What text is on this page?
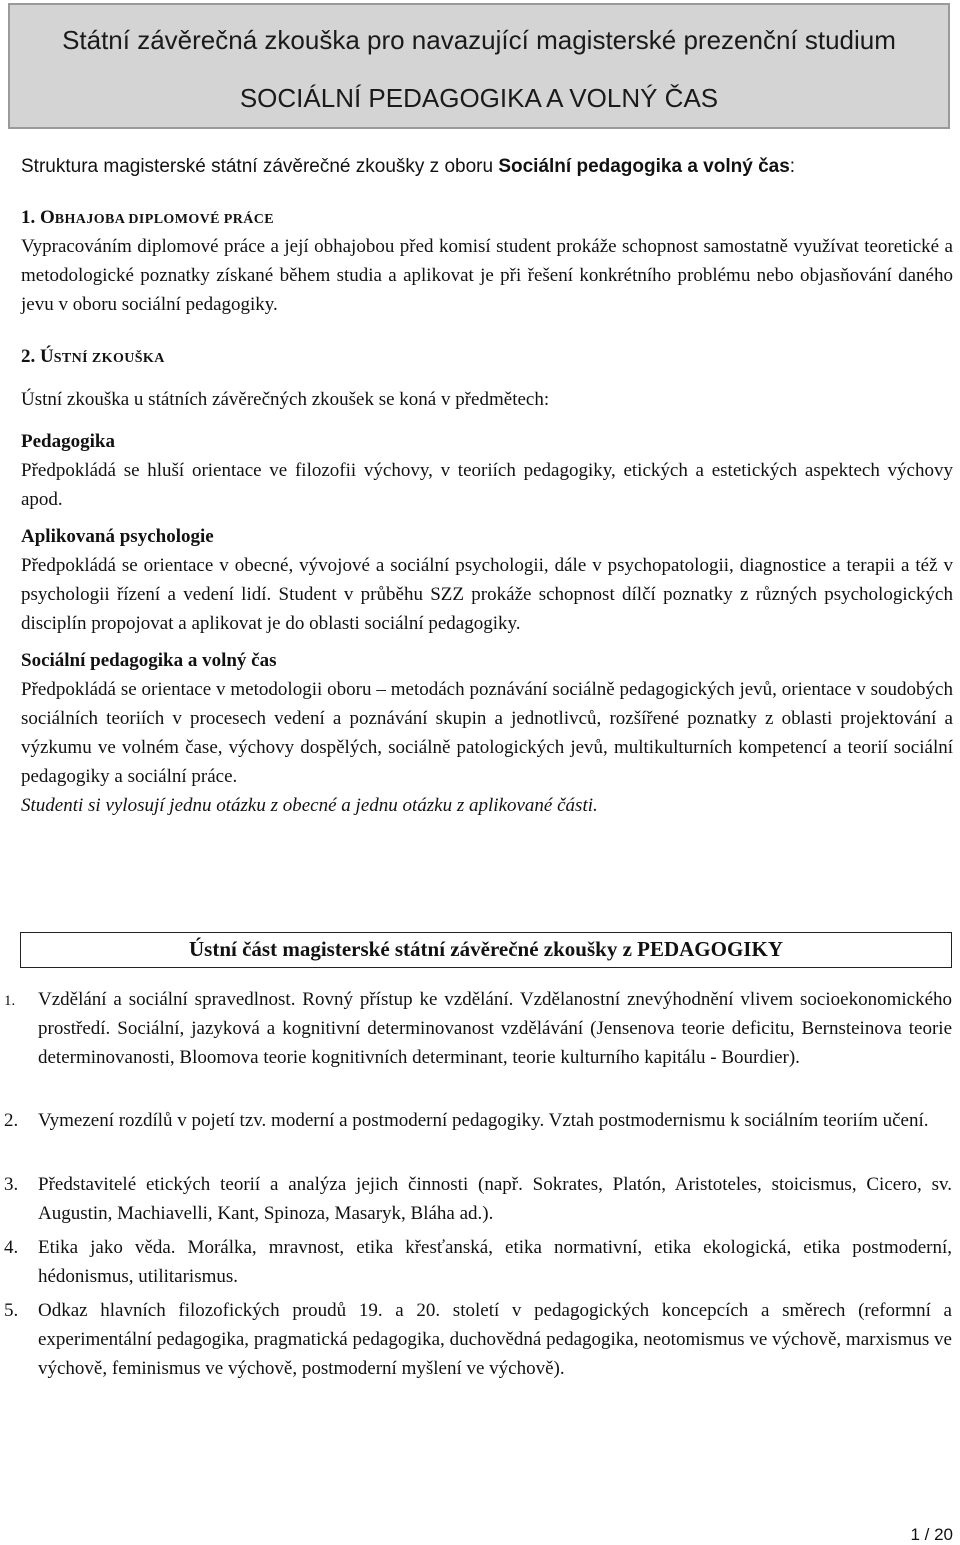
Státní závěrečná zkouška pro navazující magisterské prezenční studium
SOCIÁLNÍ PEDAGOGIKA A VOLNÝ ČAS
Struktura magisterské státní závěrečné zkoušky z oboru Sociální pedagogika a volný čas:
1. OBHAJOBA DIPLOMOVÉ PRÁCE
Vypracováním diplomové práce a její obhajobou před komisí student prokáže schopnost samostatně využívat teoretické a metodologické poznatky získané během studia a aplikovat je při řešení konkrétního problému nebo objasňování daného jevu v oboru sociální pedagogiky.
2. ÚSTNÍ ZKOUŠKA
Ústní zkouška u státních závěrečných zkoušek se koná v předmětech:
Pedagogika
Předpokládá se hluší orientace ve filozofii výchovy, v teoriích pedagogiky, etických a estetických aspektech výchovy apod.
Aplikovaná psychologie
Předpokládá se orientace v obecné, vývojové a sociální psychologii, dále v psychopatologii, diagnostice a terapii a též v psychologii řízení a vedení lidí. Student v průběhu SZZ prokáže schopnost dílčí poznatky z různých psychologických disciplín propojovat a aplikovat je do oblasti sociální pedagogiky.
Sociální pedagogika a volný čas
Předpokládá se orientace v metodologii oboru – metodách poznávání sociálně pedagogických jevů, orientace v soudobých sociálních teoriích v procesech vedení a poznávání skupin a jednotlivců, rozšířené poznatky z oblasti projektování a výzkumu ve volném čase, výchovy dospělých, sociálně patologických jevů, multikulturních kompetencí a teorií sociální pedagogiky a sociální práce.
Studenti si vylosují jednu otázku z obecné a jednu otázku z aplikované části.
Ústní část magisterské státní závěrečné zkoušky z PEDAGOGIKY
1.	Vzdělání a sociální spravedlnost. Rovný přístup ke vzdělání. Vzdělanostní znevýhodnění vlivem socioekonomického prostředí. Sociální, jazyková a kognitivní determinovanost vzdělávání (Jensenova teorie deficitu, Bernsteinova teorie determinovanosti, Bloomova teorie kognitivních determinant, teorie kulturního kapitálu - Bourdier).
2.	Vymezení rozdílů v pojetí tzv. moderní a postmoderní pedagogiky. Vztah postmodernismu k sociálním teoriím učení.
3.	Představitelé etických teorií a analýza jejich činnosti (např. Sokrates, Platón, Aristoteles, stoicismus, Cicero, sv. Augustin, Machiavelli, Kant, Spinoza, Masaryk, Bláha ad.).
4.	Etika jako věda. Morálka, mravnost, etika křesťanská, etika normativní, etika ekologická, etika postmoderní, hédonismus, utilitarismus.
5.	Odkaz hlavních filozofických proudů 19. a 20. století v pedagogických koncepcích a směrech (reformní a experimentální pedagogika, pragmatická pedagogika, duchovědná pedagogika, neotomismus ve výchově, marxismus ve výchově, feminismus ve výchově, postmoderní myšlení ve výchově).
1 / 20
